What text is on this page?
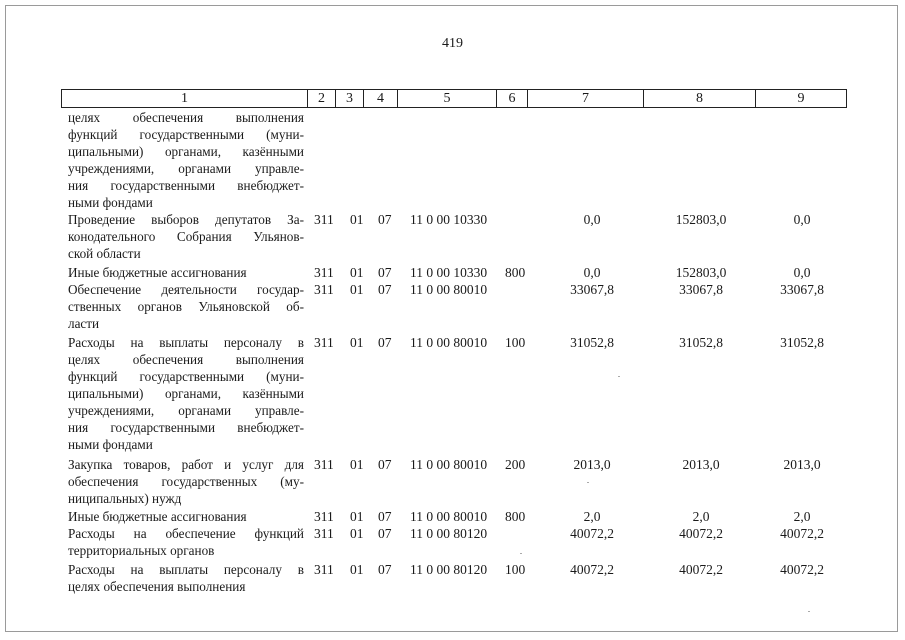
419
1	2	3	4	5	6	7	8	9
целях обеспечения выполнения
функций государственными (муни-
ципальными) органами, казёнными
учреждениями, органами управле-
ния государственными внебюджет-
ными фондами
Проведение выборов депутатов За-
конодательного Собрания Ульянов-
ской области
311 01 07 11 0 00 10330	0,0	152803,0	0,0
Иные бюджетные ассигнования	311 01 07 11 0 00 10330 800	0,0	152803,0	0,0
Обеспечение деятельности государ-
ственных органов Ульяновской об-
ласти
311 01 07 11 0 00 80010	33067,8	33067,8	33067,8
Расходы на выплаты персоналу в
целях обеспечения выполнения
функций государственными (муни-
ципальными) органами, казёнными
учреждениями, органами управле-
ния государственными внебюджет-
ными фондами
311 01 07 11 0 00 80010 100	31052,8	31052,8	31052,8
Закупка товаров, работ и услуг для
обеспечения государственных (му-
ниципальных) нужд
311 01 07 11 0 00 80010 200	2013,0	2013,0	2013,0
Иные бюджетные ассигнования	311 01 07 11 0 00 80010 800	2,0	2,0	2,0
Расходы на обеспечение функций
территориальных органов
311 01 07 11 0 00 80120	40072,2	40072,2	40072,2
Расходы на выплаты персоналу в
целях обеспечения выполнения
311 01 07 11 0 00 80120 100	40072,2	40072,2	40072,2
